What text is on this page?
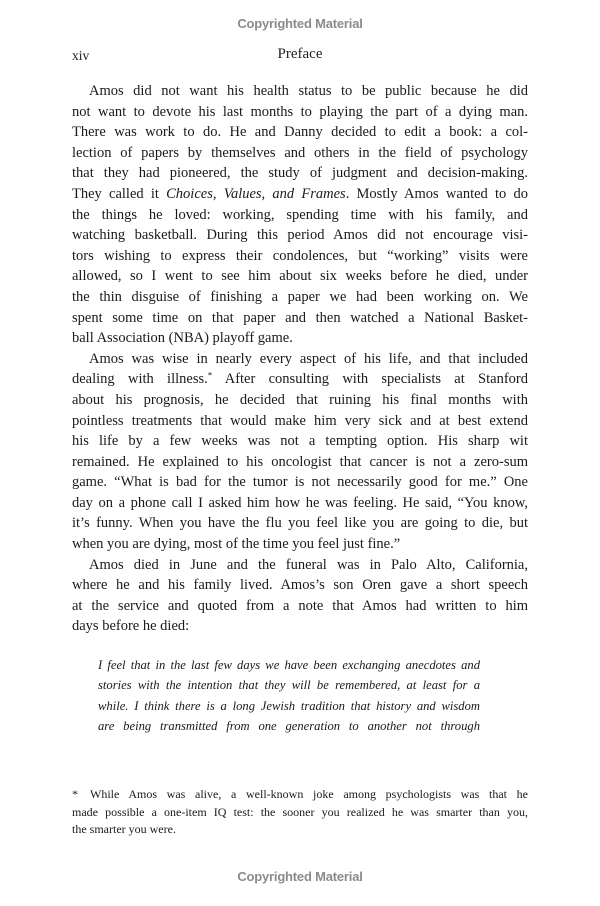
Copyrighted Material
xiv	Preface
Amos did not want his health status to be public because he did
not want to devote his last months to playing the part of a dying man.
There was work to do. He and Danny decided to edit a book: a col-
lection of papers by themselves and others in the field of psychology
that they had pioneered, the study of judgment and decision-making.
They called it Choices, Values, and Frames. Mostly Amos wanted to do
the things he loved: working, spending time with his family, and
watching basketball. During this period Amos did not encourage visi-
tors wishing to express their condolences, but “working” visits were
allowed, so I went to see him about six weeks before he died, under
the thin disguise of finishing a paper we had been working on. We
spent some time on that paper and then watched a National Basket-
ball Association (NBA) playoff game.
Amos was wise in nearly every aspect of his life, and that included
dealing with illness.* After consulting with specialists at Stanford
about his prognosis, he decided that ruining his final months with
pointless treatments that would make him very sick and at best extend
his life by a few weeks was not a tempting option. His sharp wit
remained. He explained to his oncologist that cancer is not a zero-sum
game. “What is bad for the tumor is not necessarily good for me.” One
day on a phone call I asked him how he was feeling. He said, “You know,
it’s funny. When you have the flu you feel like you are going to die, but
when you are dying, most of the time you feel just fine.”
Amos died in June and the funeral was in Palo Alto, California,
where he and his family lived. Amos’s son Oren gave a short speech
at the service and quoted from a note that Amos had written to him
days before he died:
I feel that in the last few days we have been exchanging anecdotes and
stories with the intention that they will be remembered, at least for a
while. I think there is a long Jewish tradition that history and wisdom
are being transmitted from one generation to another not through
* While Amos was alive, a well-known joke among psychologists was that he
made possible a one-item IQ test: the sooner you realized he was smarter than you,
the smarter you were.
Copyrighted Material
